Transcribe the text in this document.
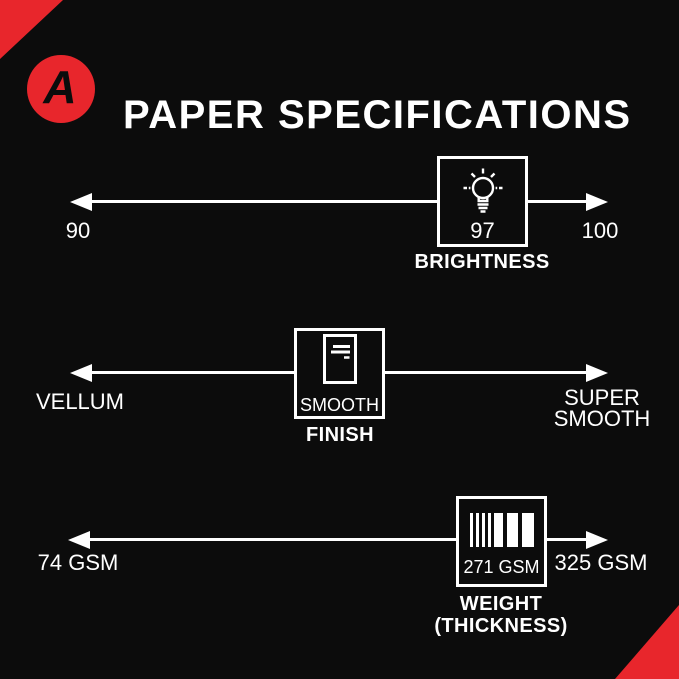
A
PAPER SPECIFICATIONS
97
90	100
BRIGHTNESS
SMOOTH
VELLUM	SUPER
SMOOTH
FINISH
271 GSM
74 GSM	325 GSM
WEIGHT
(THICKNESS)
